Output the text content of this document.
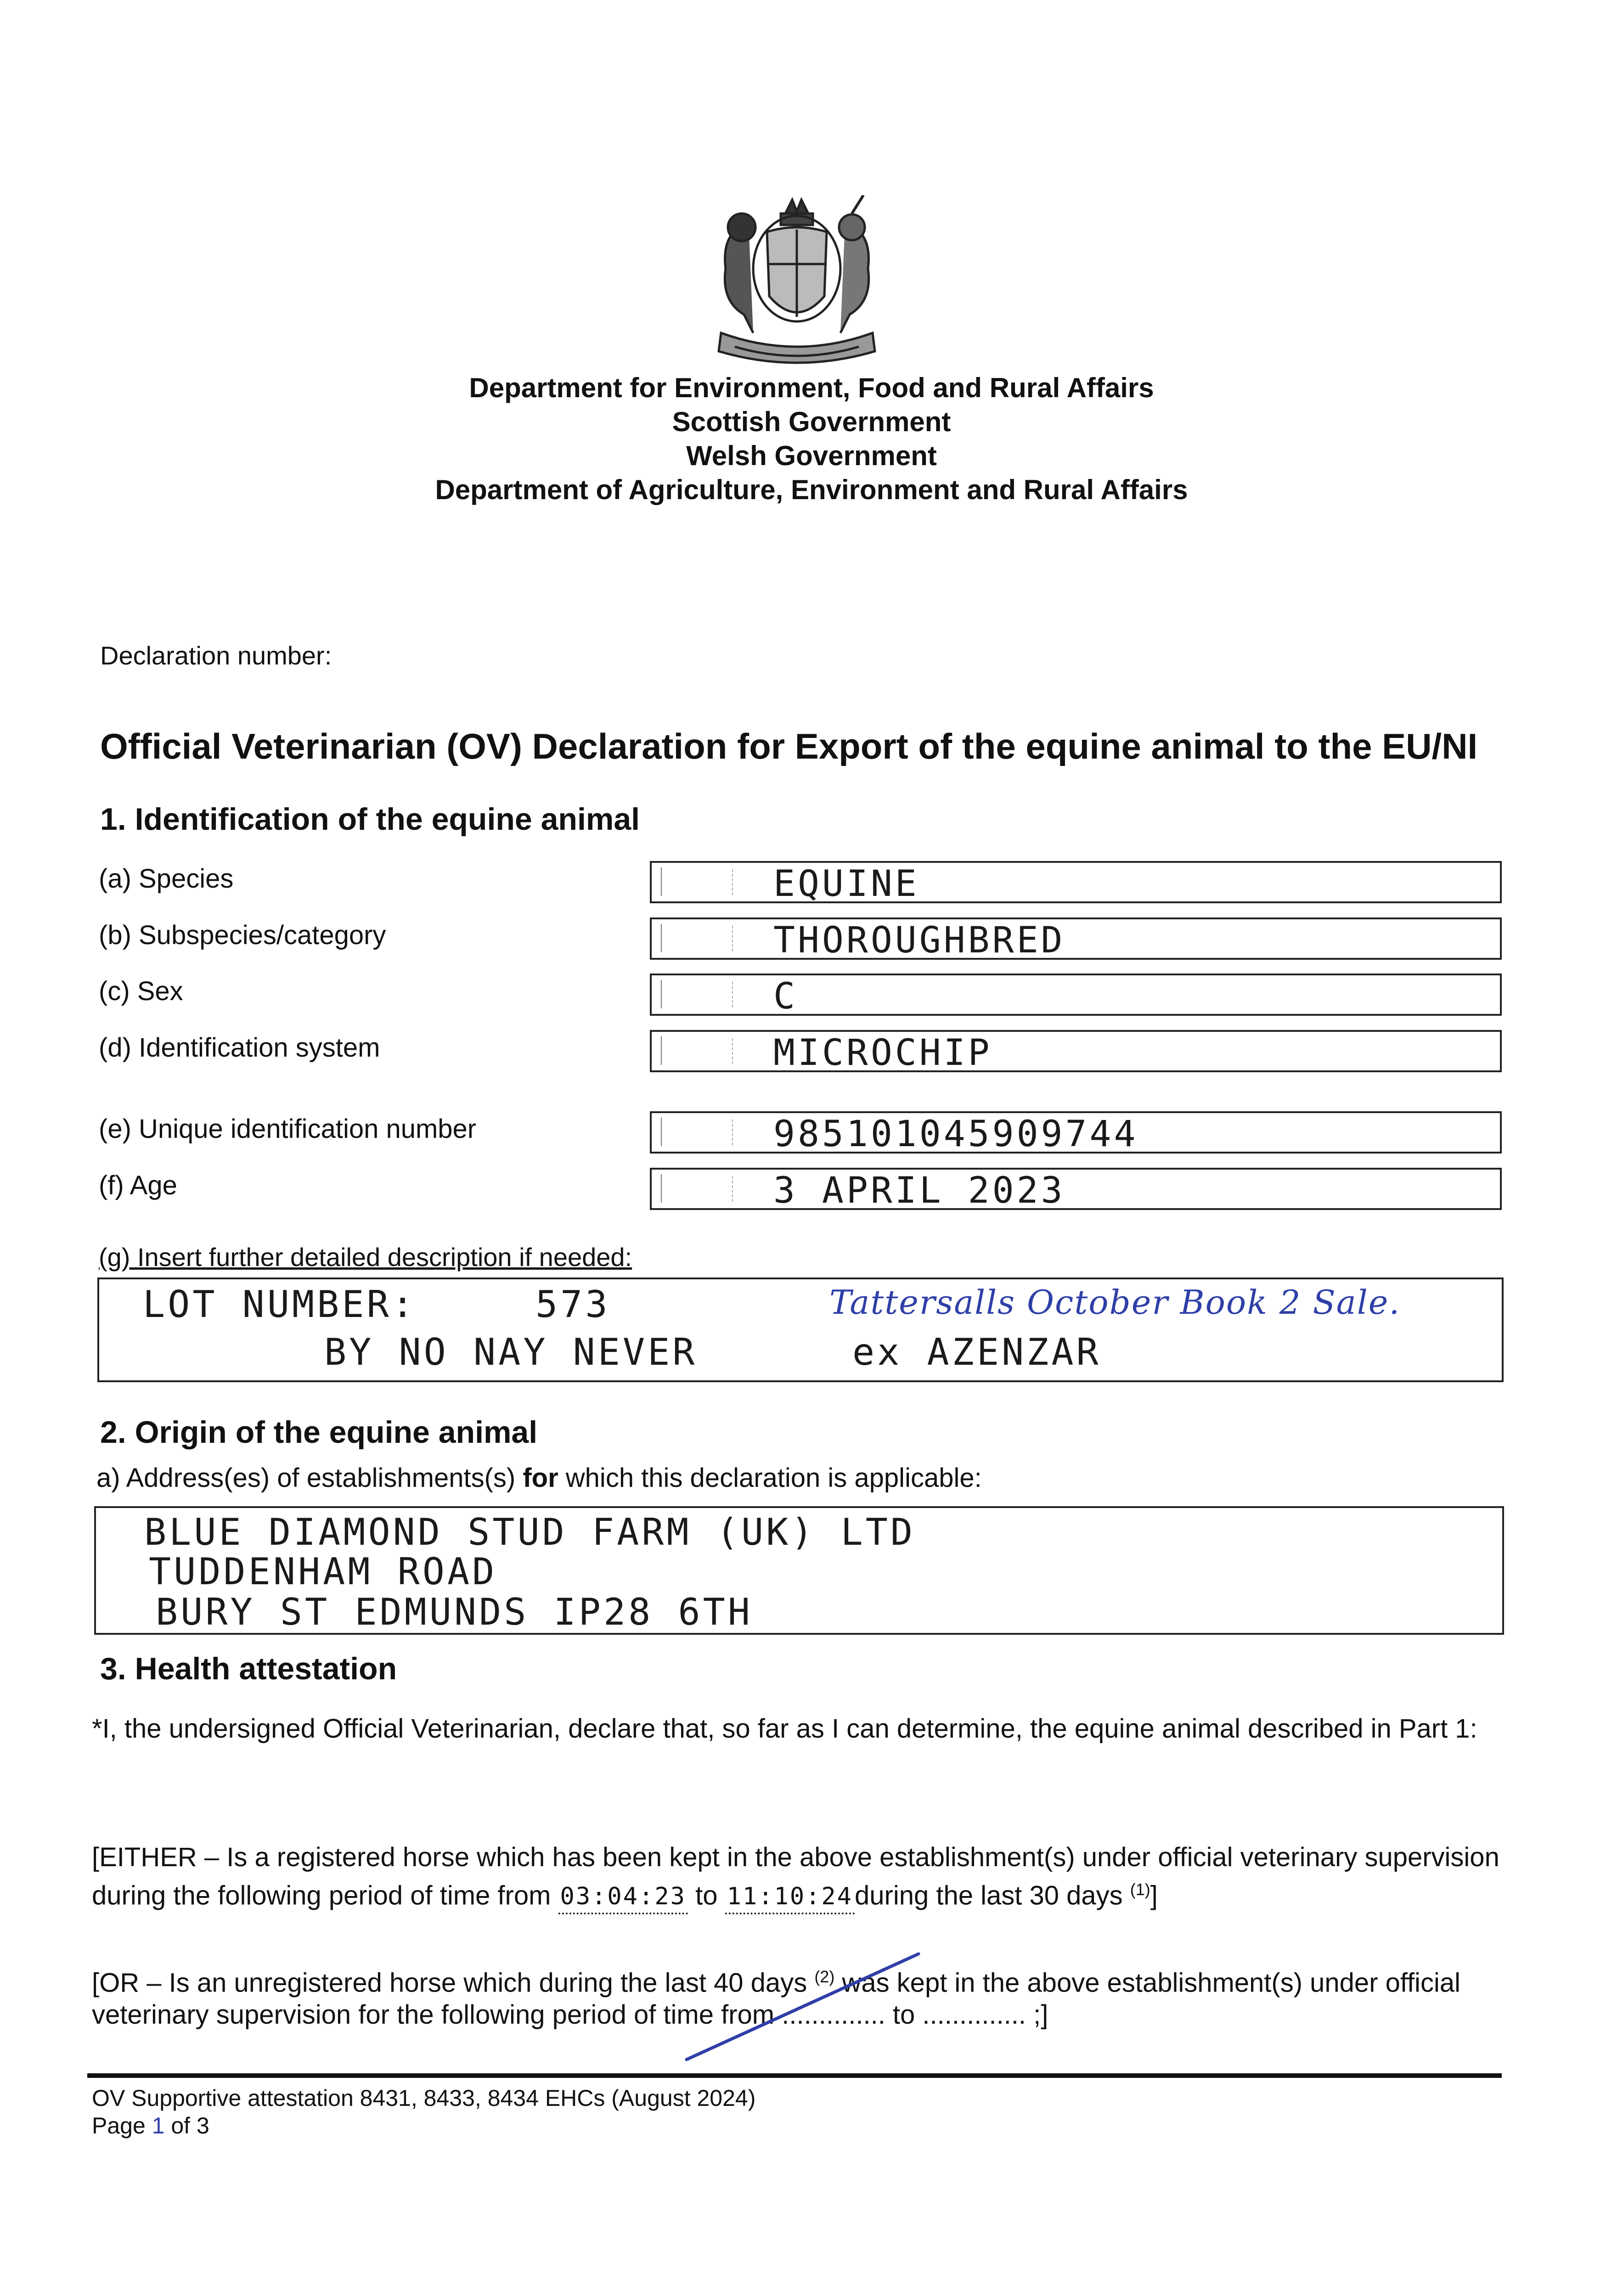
Department for Environment, Food and Rural Affairs
Scottish Government
Welsh Government
Department of Agriculture, Environment and Rural Affairs
Declaration number:
Official Veterinarian (OV) Declaration for Export of the equine animal to the EU/NI
1. Identification of the equine animal
(a) Species	EQUINE
(b) Subspecies/category	THOROUGHBRED
(c) Sex	C
(d) Identification system	MICROCHIP
(e) Unique identification number	985101045909744
(f) Age	3 APRIL 2023
(g) Insert further detailed description if needed:
LOT NUMBER:	573	Tattersalls October Book 2 Sale.
BY NO NAY NEVER	ex AZENZAR
2. Origin of the equine animal
a) Address(es) of establishments(s) for which this declaration is applicable:
BLUE DIAMOND STUD FARM (UK) LTD
TUDDENHAM ROAD
BURY ST EDMUNDS IP28 6TH
3. Health attestation
*I, the undersigned Official Veterinarian, declare that, so far as I can determine, the equine animal described in Part 1:
[EITHER – Is a registered horse which has been kept in the above establishment(s) under official veterinary supervision during the following period of time from 03:04:23 to 11:10:24during the last 30 days $^{(1)}$]
[OR – Is an unregistered horse which during the last 40 days $^{(2)}$ was kept in the above establishment(s) under official veterinary supervision for the following period of time from .............. to .............. ;]
OV Supportive attestation 8431, 8433, 8434 EHCs (August 2024)
Page 1 of 3
